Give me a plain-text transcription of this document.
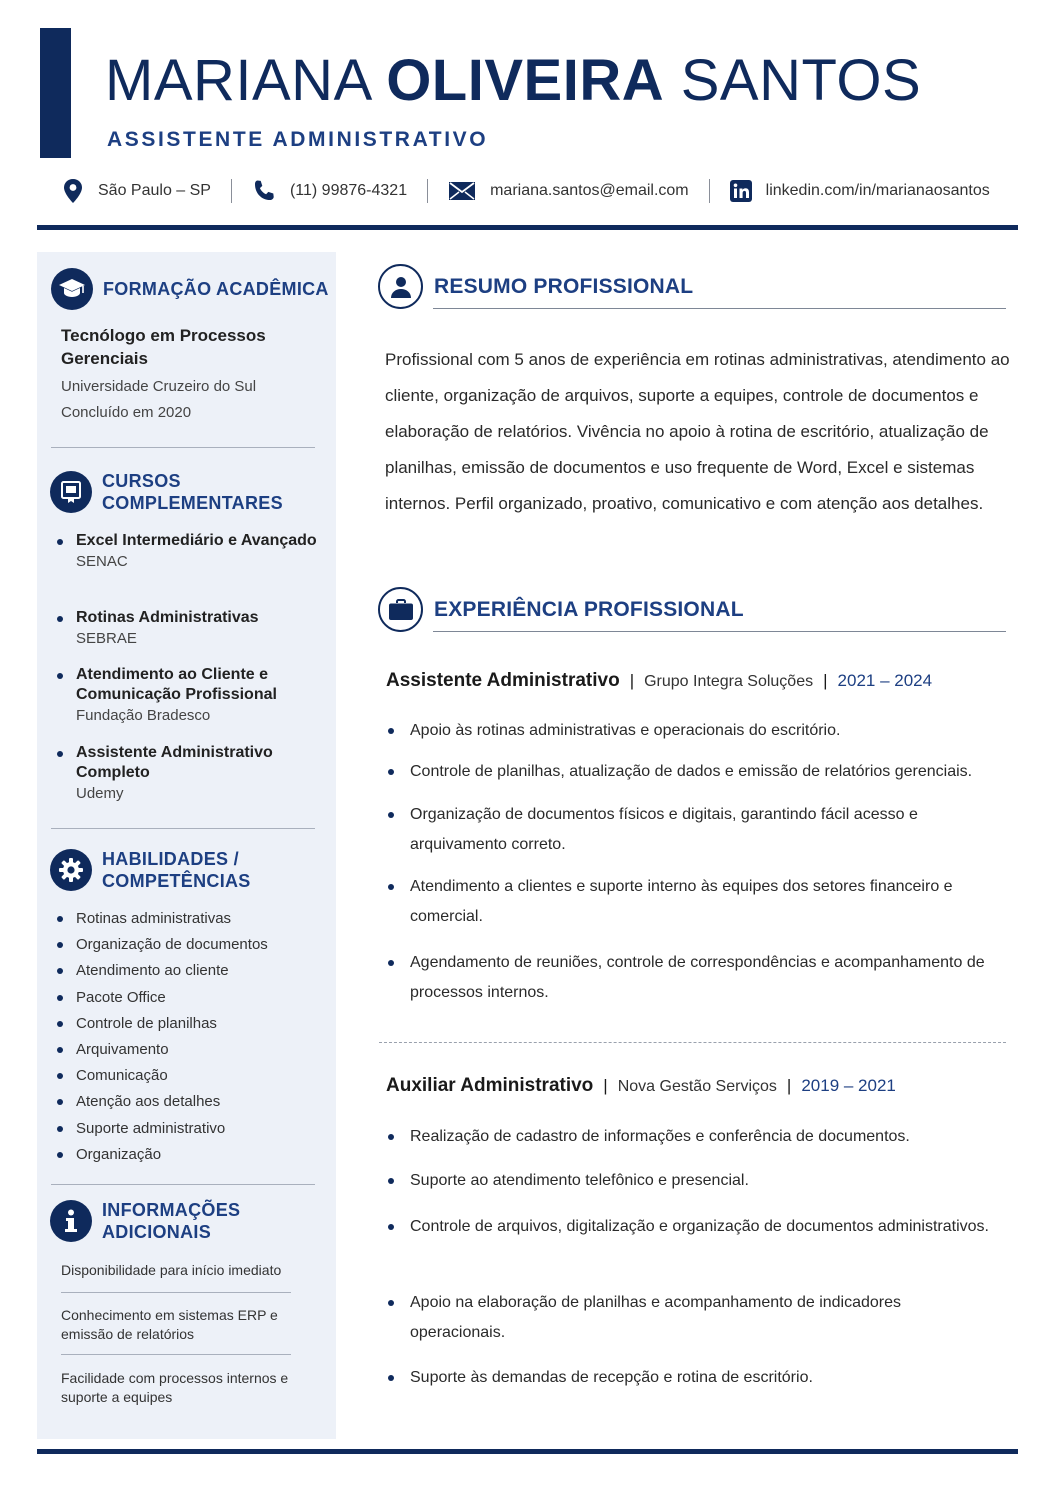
MARIANA OLIVEIRA SANTOS
ASSISTENTE ADMINISTRATIVO
São Paulo – SP	(11) 99876-4321	mariana.santos@email.com	linkedin.com/in/marianaosantos
FORMAÇÃO ACADÊMICA
Tecnólogo em Processos Gerenciais
Universidade Cruzeiro do Sul
Concluído em 2020
CURSOS
COMPLEMENTARES
Excel Intermediário e Avançado
SENAC
Rotinas Administrativas
SEBRAE
Atendimento ao Cliente e Comunicação Profissional
Fundação Bradesco
Assistente Administrativo Completo
Udemy
HABILIDADES /
COMPETÊNCIAS
Rotinas administrativas
Organização de documentos
Atendimento ao cliente
Pacote Office
Controle de planilhas
Arquivamento
Comunicação
Atenção aos detalhes
Suporte administrativo
Organização
INFORMAÇÕES
ADICIONAIS
Disponibilidade para início imediato
Conhecimento em sistemas ERP e emissão de relatórios
Facilidade com processos internos e suporte a equipes
RESUMO PROFISSIONAL
Profissional com 5 anos de experiência em rotinas administrativas, atendimento ao cliente, organização de arquivos, suporte a equipes, controle de documentos e elaboração de relatórios. Vivência no apoio à rotina de escritório, atualização de planilhas, emissão de documentos e uso frequente de Word, Excel e sistemas internos. Perfil organizado, proativo, comunicativo e com atenção aos detalhes.
EXPERIÊNCIA PROFISSIONAL
Assistente Administrativo | Grupo Integra Soluções | 2021 – 2024
Apoio às rotinas administrativas e operacionais do escritório.
Controle de planilhas, atualização de dados e emissão de relatórios gerenciais.
Organização de documentos físicos e digitais, garantindo fácil acesso e arquivamento correto.
Atendimento a clientes e suporte interno às equipes dos setores financeiro e comercial.
Agendamento de reuniões, controle de correspondências e acompanhamento de processos internos.
Auxiliar Administrativo | Nova Gestão Serviços | 2019 – 2021
Realização de cadastro de informações e conferência de documentos.
Suporte ao atendimento telefônico e presencial.
Controle de arquivos, digitalização e organização de documentos administrativos.
Apoio na elaboração de planilhas e acompanhamento de indicadores operacionais.
Suporte às demandas de recepção e rotina de escritório.
